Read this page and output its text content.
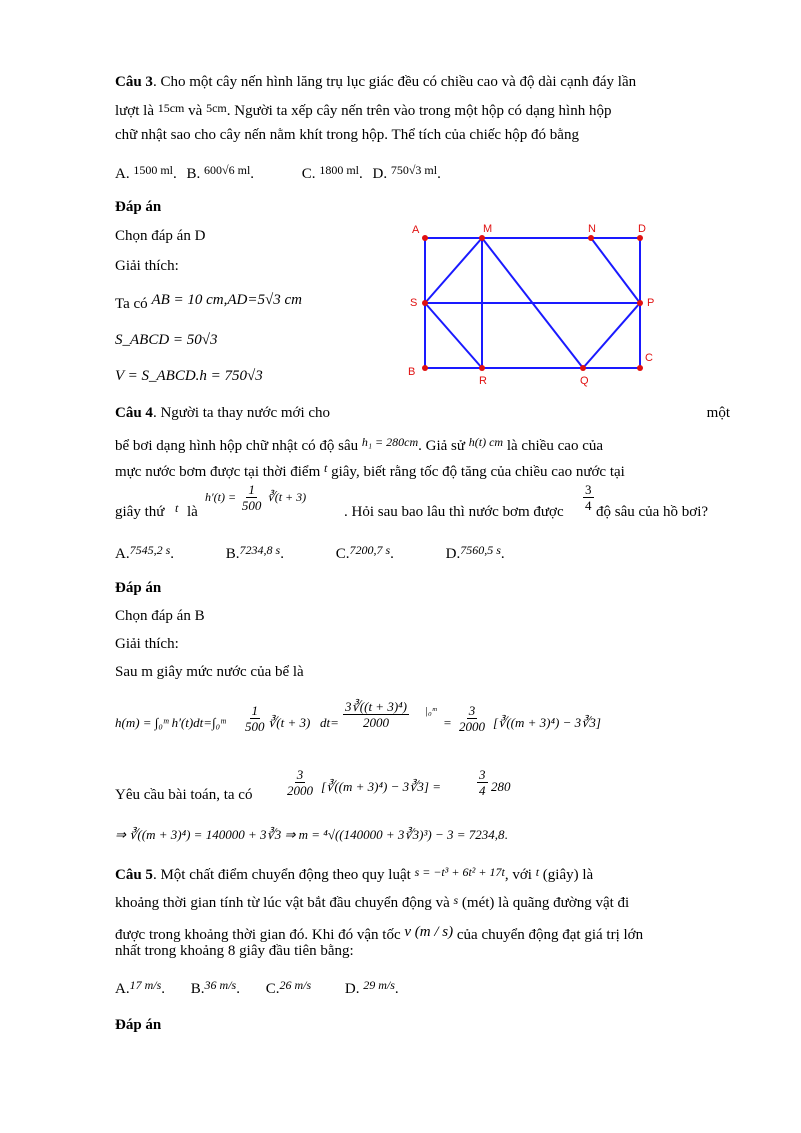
Câu 3. Cho một cây nến hình lăng trụ lục giác đều có chiều cao và độ dài cạnh đáy lần
lượt là $^{15cm}$ và $^{5cm}$. Người ta xếp cây nến trên vào trong một hộp có dạng hình hộp
chữ nhật sao cho cây nến nằm khít trong hộp. Thể tích của chiếc hộp đó bằng
A. $^{1500 ml}$. B. $^{600√6 ml}$.	C. $^{1800 ml}$. D. $^{750√3 ml}$.
Đáp án
Chọn đáp án D
Giải thích:
Ta có AB = 10 cm,AD=5√3 cm
S_ABCD = 50√3
V = S_ABCD.h = 750√3
A	M	N	D
S	P
B
R	Q
C
Câu 4. Người ta thay nước mới cho	một
bể bơi dạng hình hộp chữ nhật có độ sâu $^{h_1 = 280cm}$. Giả sử $^{h(t) cm}$ là chiều cao của
mực nước bơm được tại thời điểm $^t$ giây, biết rằng tốc độ tăng của chiều cao nước tại
giây thứ t là
$h'(t) = \frac{1}{500}$ ∛(t + 3)
. Hỏi sau bao lâu thì nước bơm được $\frac{3}{4}$ độ sâu của hồ bơi?
A.$^{7545,2 s}$.	B.$^{7234,8 s}$.	C.$^{7200,7 s}$.	D.$^{7560,5 s}$.
Đáp án
Chọn đáp án B
Giải thích:
Sau m giây mức nước của bể là
h(m) = ∫₀ᵐ h′(t)dt=∫₀ᵐ $\frac{1}{500}$ ∛(t + 3) $dt= \frac{\text{3∛((t + 3)⁴)}}{2000}$ |₀ᵐ
= $\frac{3}{2000}$ [∛((m + 3)⁴) − 3∛3]
Yêu cầu bài toán, ta có	$\frac{3}{2000}$ [∛((m + 3)⁴) − 3∛3] =	$\frac{3}{4} 280$
⇒ ∛((m + 3)⁴) = 140000 + 3∛3 ⇒ m = ⁴√((140000 + 3∛3)³) − 3 = 7234,8.
Câu 5. Một chất điểm chuyển động theo quy luật $^{s = -t^3 + 6t^2 + 17t}$, với $^t$ (giây) là
khoảng thời gian tính từ lúc vật bắt đầu chuyển động và $^s$ (mét) là quãng đường vật đi
được trong khoảng thời gian đó. Khi đó vận tốc v (m / s) của chuyển động đạt giá trị lớn
nhất trong khoảng 8 giây đầu tiên bằng:
A.$^{17 m/s}$. B.$^{36 m/s}$. C.$^{26 m/s}$ D. $^{29 m/s}$.
Đáp án
